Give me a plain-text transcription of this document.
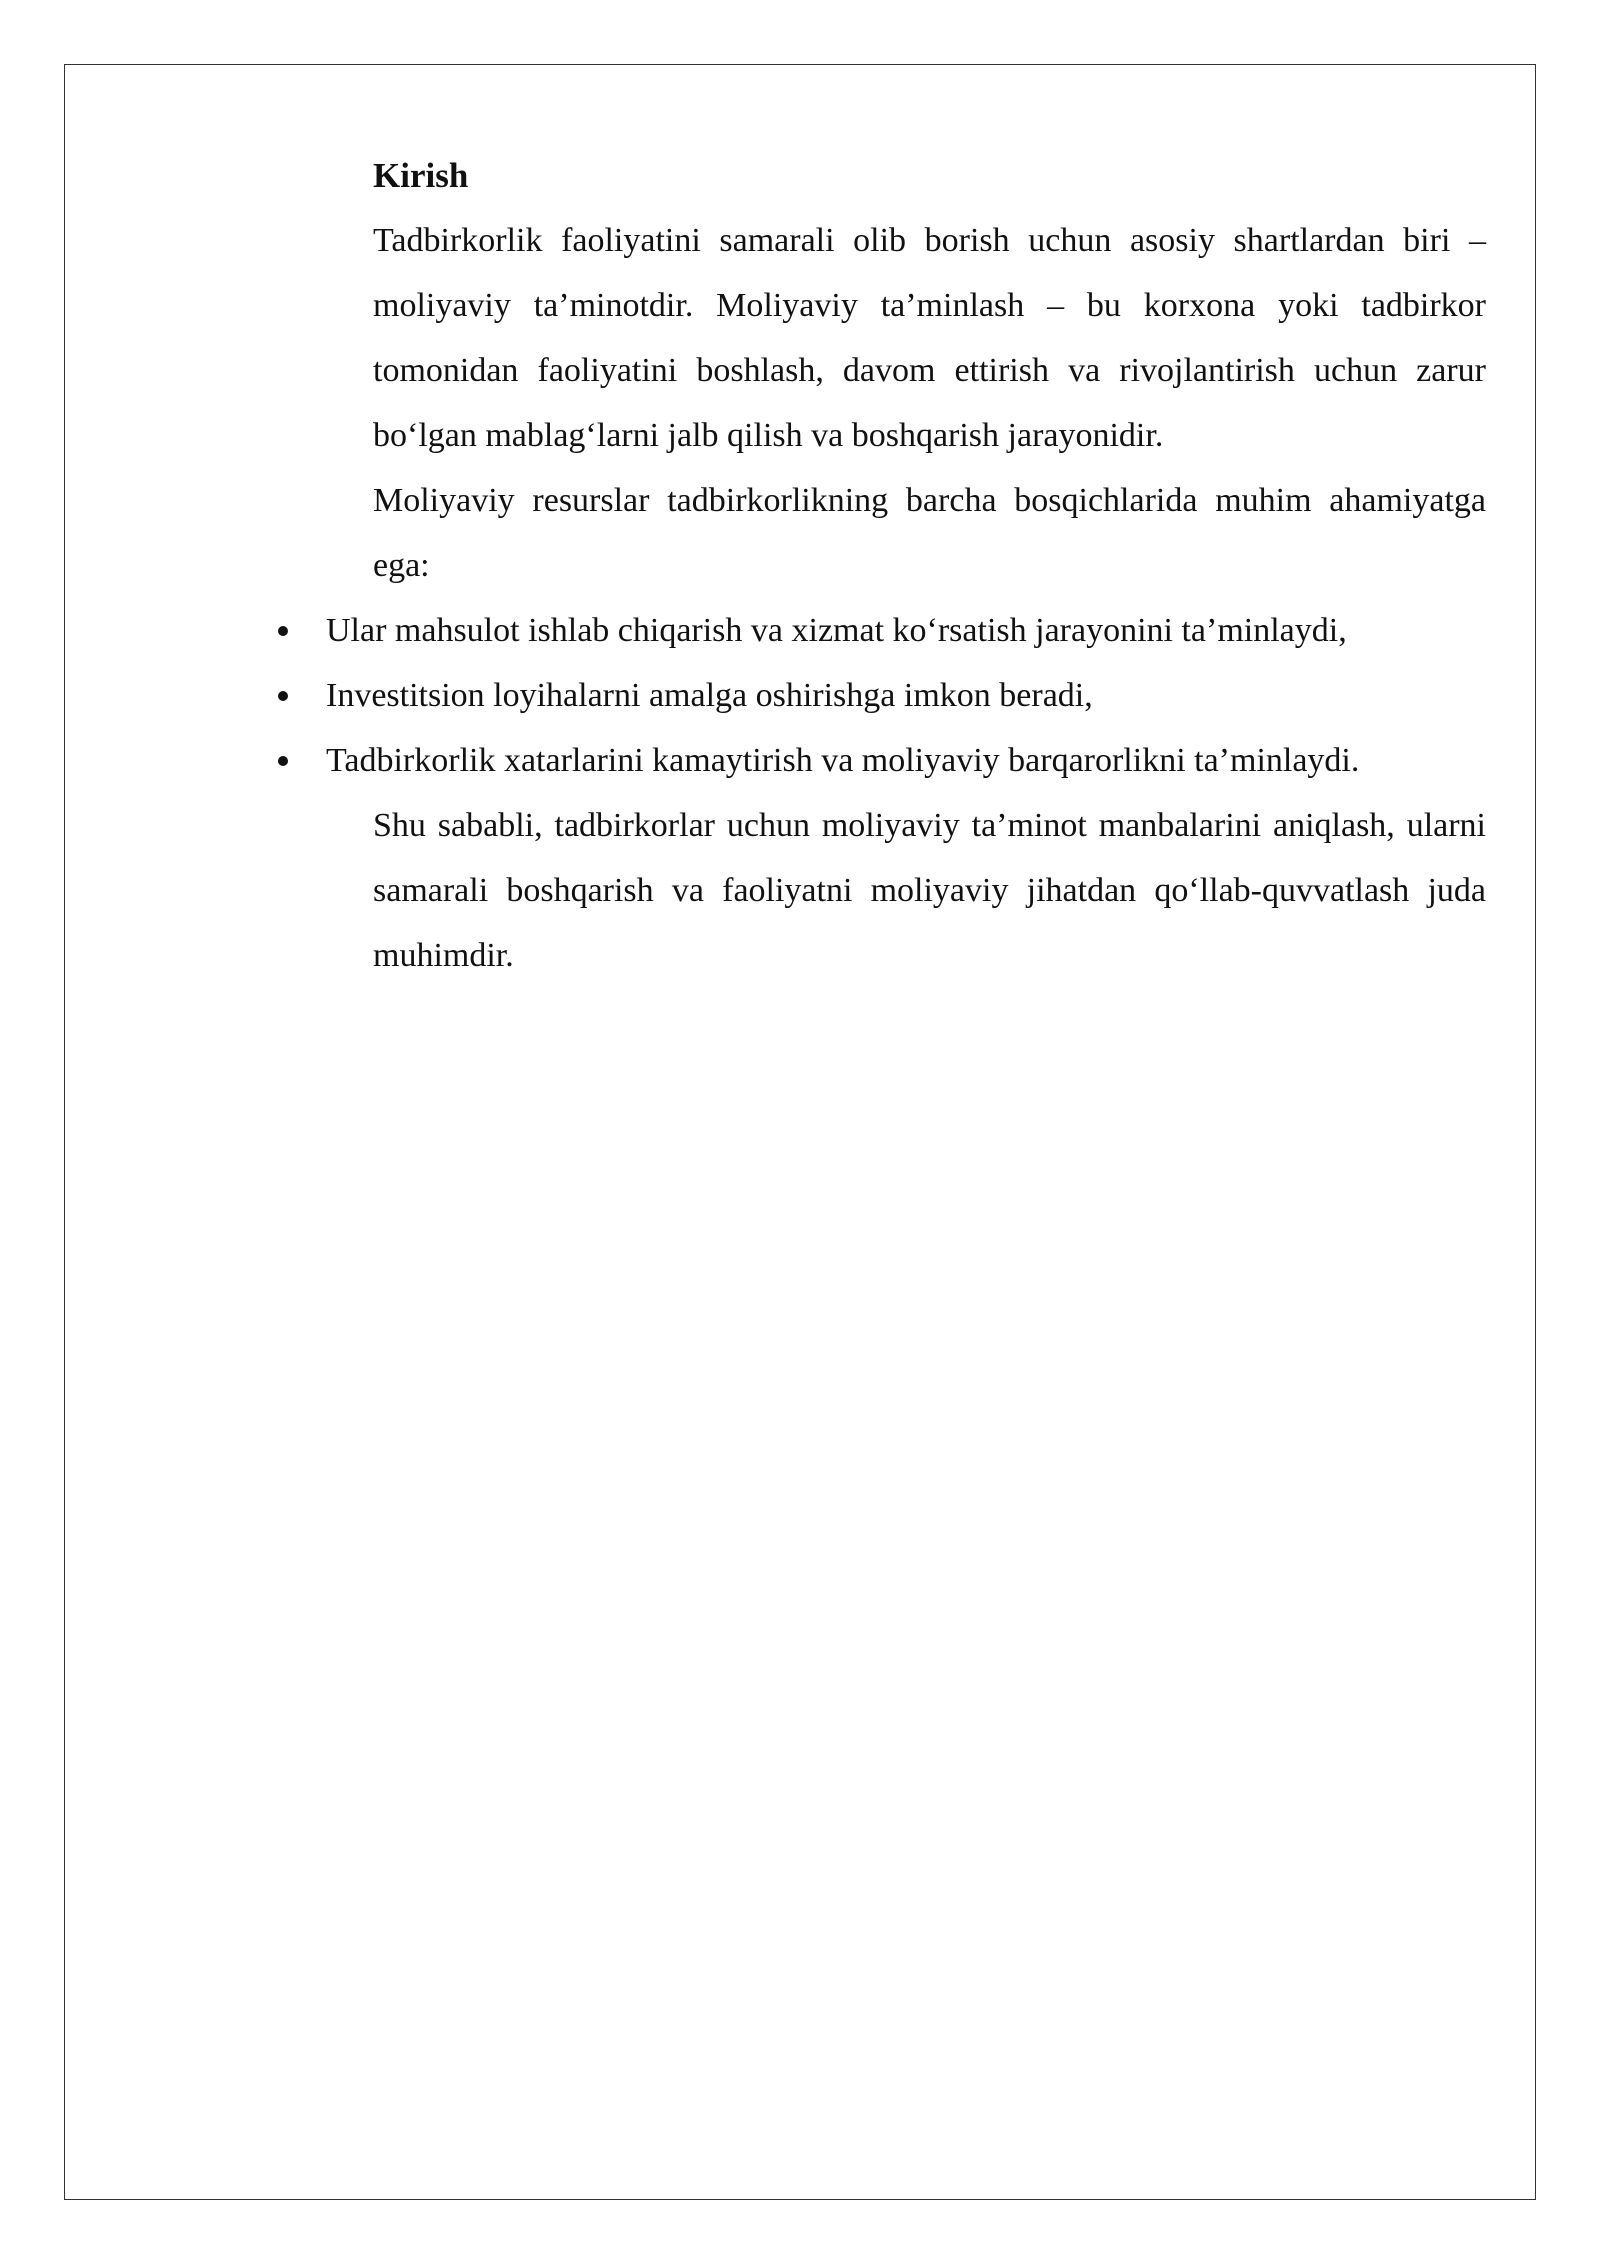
Kirish

Tadbirkorlik faoliyatini samarali olib borish uchun asosiy shartlardan biri – moliyaviy ta’minotdir. Moliyaviy ta’minlash – bu korxona yoki tadbirkor tomonidan faoliyatini boshlash, davom ettirish va rivojlantirish uchun zarur bo‘lgan mablag‘larni jalb qilish va boshqarish jarayonidir.

Moliyaviy resurslar tadbirkorlikning barcha bosqichlarida muhim ahamiyatga ega:

Ular mahsulot ishlab chiqarish va xizmat ko‘rsatish jarayonini ta’minlaydi,
Investitsion loyihalarni amalga oshirishga imkon beradi,
Tadbirkorlik xatarlarini kamaytirish va moliyaviy barqarorlikni ta’minlaydi.

Shu sababli, tadbirkorlar uchun moliyaviy ta’minot manbalarini aniqlash, ularni samarali boshqarish va faoliyatni moliyaviy jihatdan qo‘llab-quvvatlash juda muhimdir.
